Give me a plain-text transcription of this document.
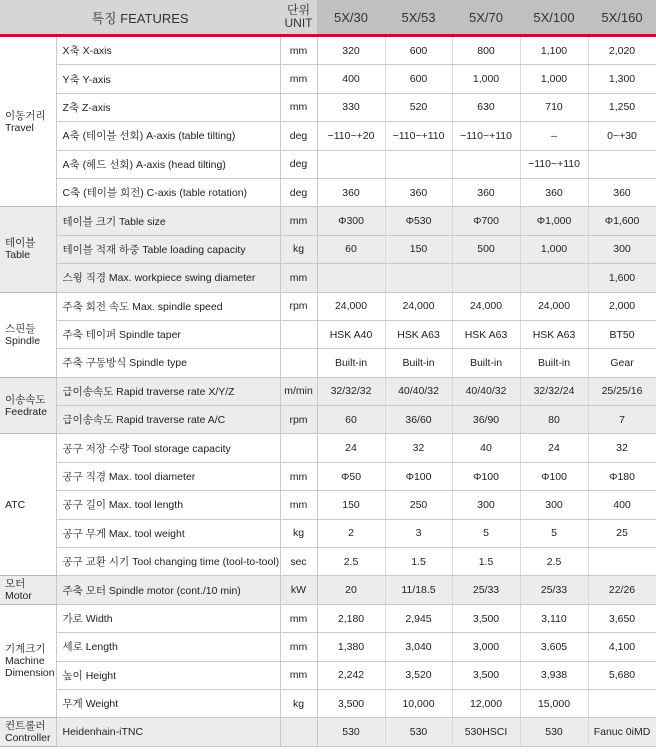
특징 FEATURES		단위
UNIT	5X/30	5X/53	5X/70	5X/100	5X/160
이동거리
Travel	X축 X-axis	mm	320	600	800	1,100	2,020
	Y축 Y-axis	mm	400	600	1,000	1,000	1,300
	Z축 Z-axis	mm	330	520	630	710	1,250
	A축 (테이블 선회) A-axis (table tilting)	deg	−110~+20	−110~+110	−110~+110	–	0~+30
	A축 (헤드 선회) A-axis (head tilting)	deg				−110~+110	
	C축 (테이블 회전) C-axis (table rotation)	deg	360	360	360	360	360
테이블
Table	테이블 크기 Table size	mm	Φ300	Φ530	Φ700	Φ1,000	Φ1,600
	테이블 적재 하중 Table loading capacity	kg	60	150	500	1,000	300
	스윙 직경 Max. workpiece swing diameter	mm					1,600
스핀들
Spindle	주축 회전 속도 Max. spindle speed	rpm	24,000	24,000	24,000	24,000	2,000
	주축 테이퍼 Spindle taper		HSK A40	HSK A63	HSK A63	HSK A63	BT50
	주축 구동방식 Spindle type		Built-in	Built-in	Built-in	Built-in	Gear
이송속도
Feedrate	급이송속도 Rapid traverse rate X/Y/Z	m/min	32/32/32	40/40/32	40/40/32	32/32/24	25/25/16
	급이송속도 Rapid traverse rate A/C	rpm	60	36/60	36/90	80	7
ATC	공구 저장 수량 Tool storage capacity		24	32	40	24	32
	공구 직경 Max. tool diameter	mm	Φ50	Φ100	Φ100	Φ100	Φ180
	공구 길이 Max. tool length	mm	150	250	300	300	400
	공구 무게 Max. tool weight	kg	2	3	5	5	25
	공구 교환 시기 Tool changing time (tool-to-tool)	sec	2.5	1.5	1.5	2.5	
모터
Motor	주축 모터 Spindle motor (cont./10 min)	kW	20	11/18.5	25/33	25/33	22/26
기계크기
Machine Dimension	가로 Width	mm	2,180	2,945	3,500	3,110	3,650
	세로 Length	mm	1,380	3,040	3,000	3,605	4,100
	높이 Height	mm	2,242	3,520	3,500	3,938	5,680
	무게 Weight	kg	3,500	10,000	12,000	15,000	
컨트롤러
Controller	Heidenhain-iTNC		530	530	530HSCI	530	Fanuc 0iMD
